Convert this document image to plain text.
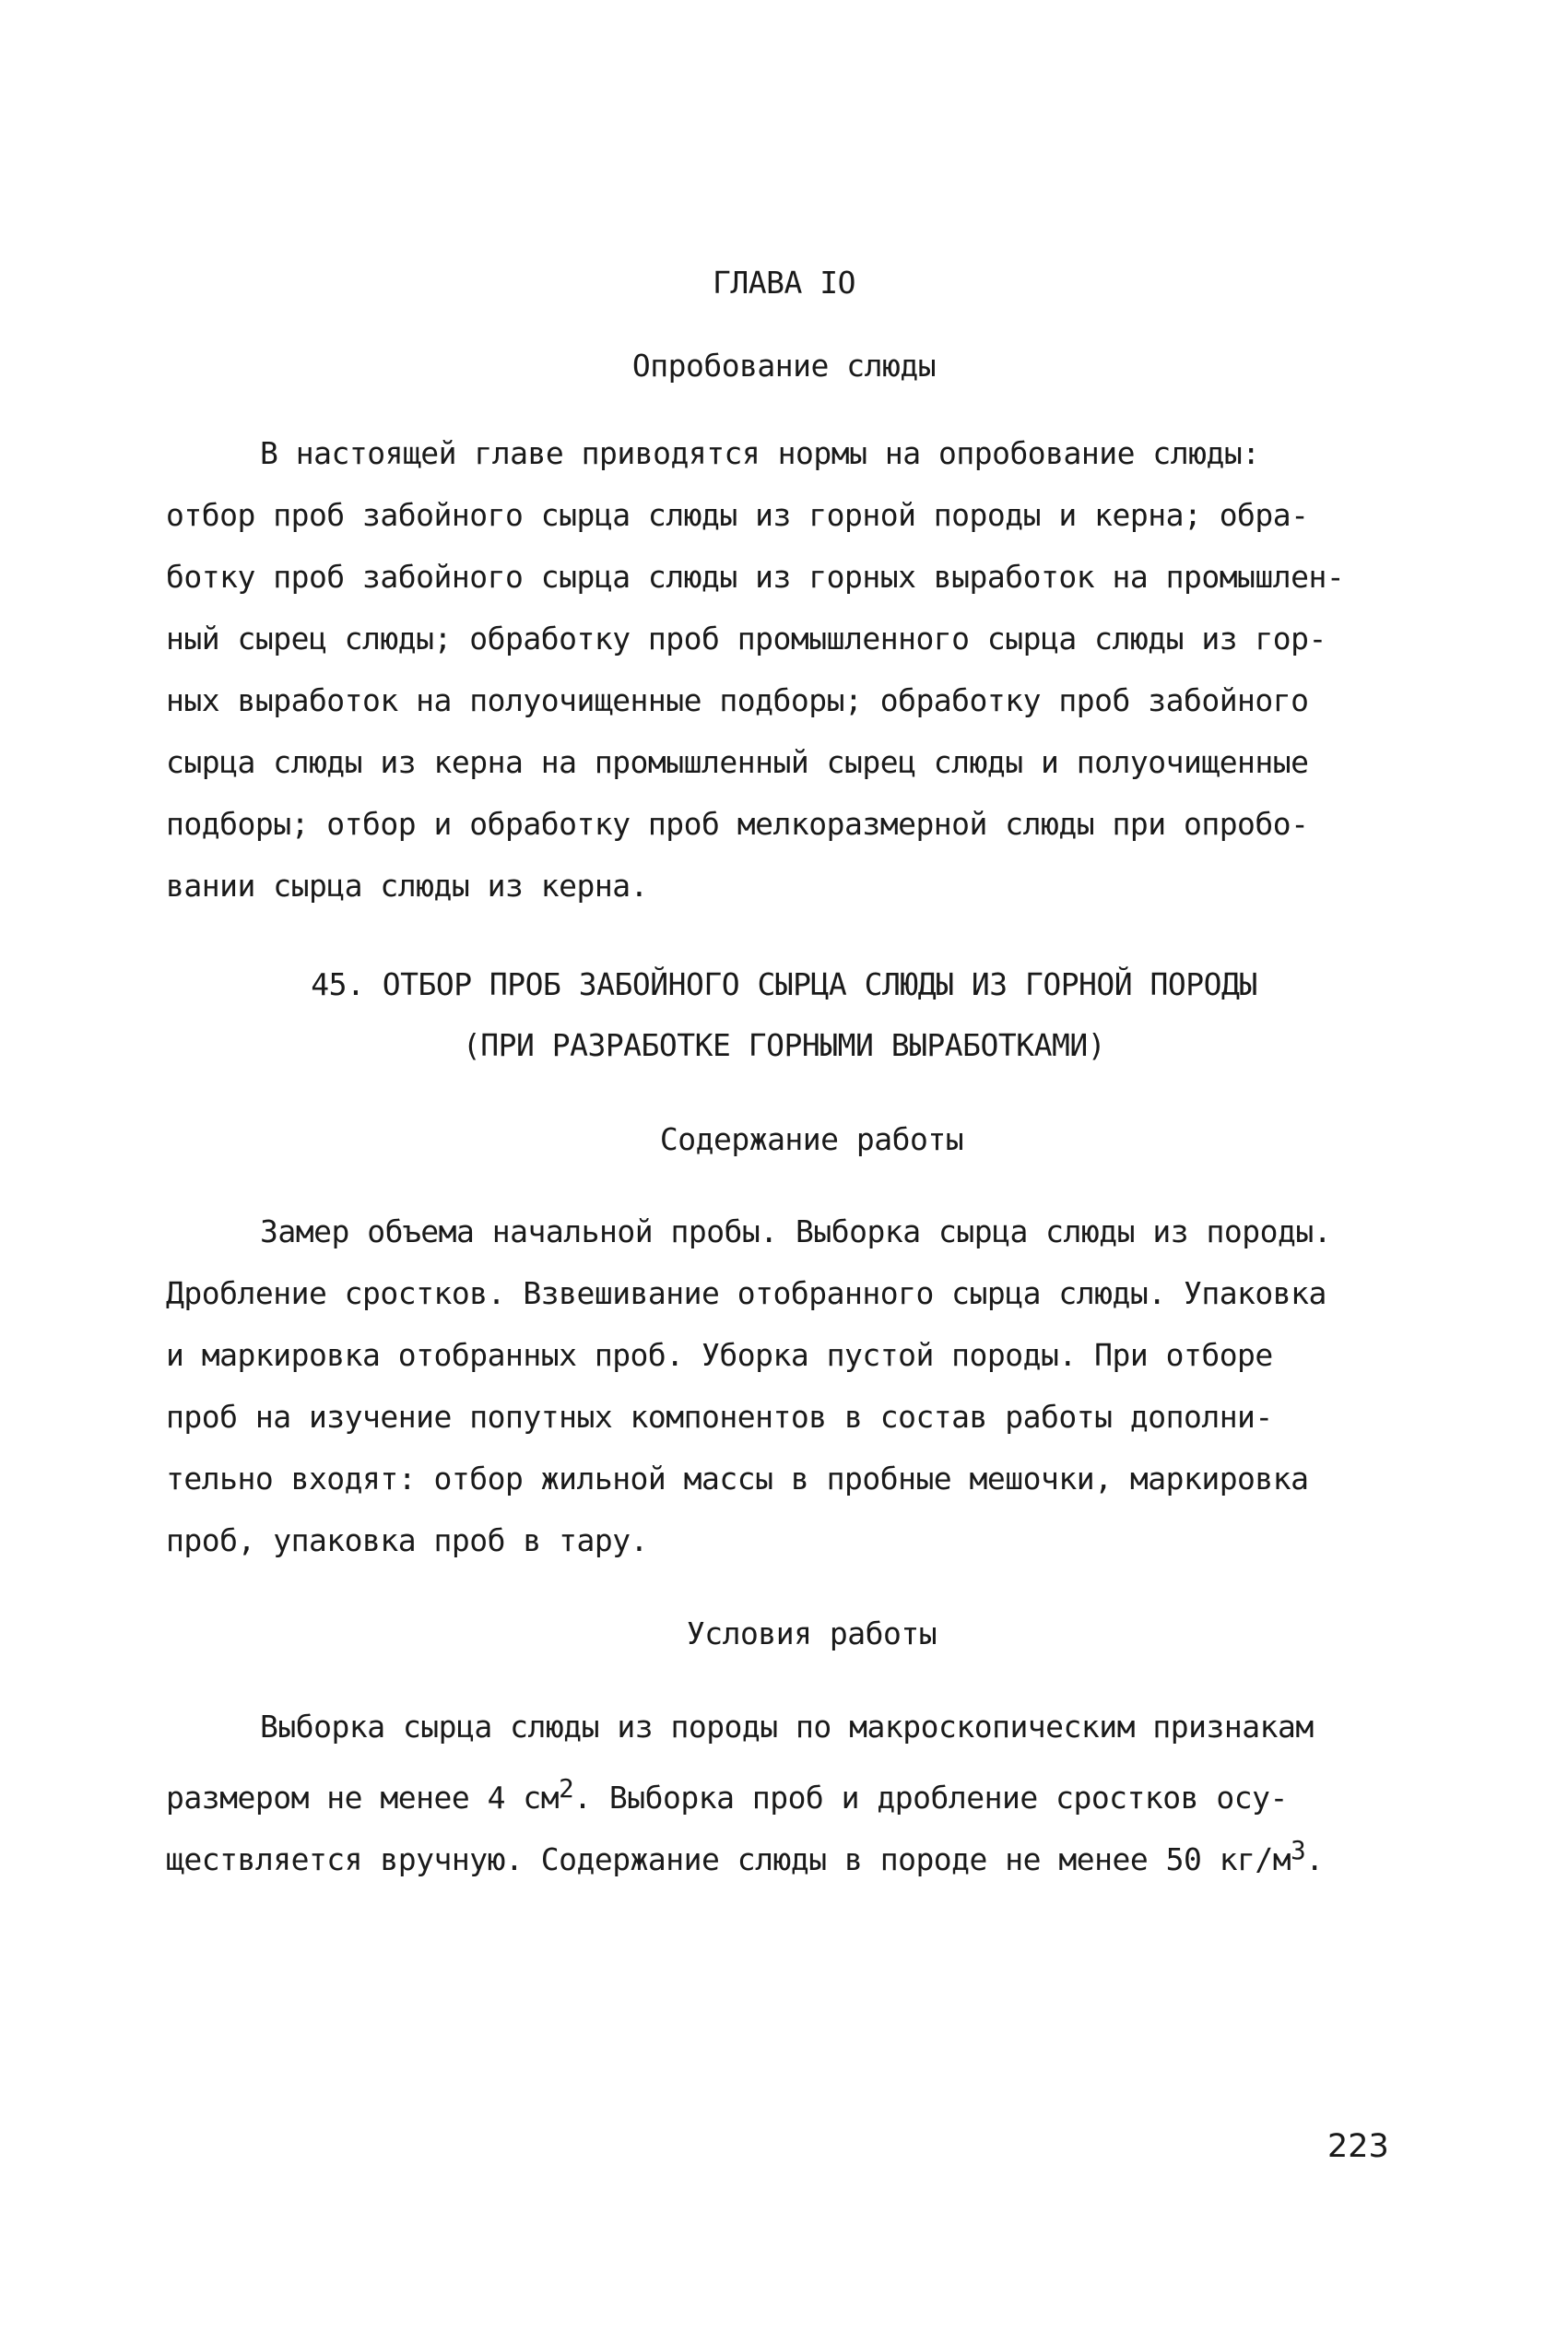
ГЛАВА IO
Опробование слюды
В настоящей главе приводятся нормы на опробование слюды:
отбор проб забойного сырца слюды из горной породы и керна; обра-
ботку проб забойного сырца слюды из горных выработок на промышлен-
ный сырец слюды; обработку проб промышленного сырца слюды из гор-
ных выработок на полуочищенные подборы; обработку проб забойного
сырца слюды из керна на промышленный сырец слюды и полуочищенные
подборы; отбор и обработку проб мелкоразмерной слюды при опробо-
вании сырца слюды из керна.
45. ОТБОР ПРОБ ЗАБОЙНОГО СЫРЦА СЛЮДЫ ИЗ ГОРНОЙ ПОРОДЫ
(ПРИ РАЗРАБОТКЕ ГОРНЫМИ ВЫРАБОТКАМИ)
Содержание работы
Замер объема начальной пробы. Выборка сырца слюды из породы.
Дробление сростков. Взвешивание отобранного сырца слюды. Упаковка
и маркировка отобранных проб. Уборка пустой породы. При отборе
проб на изучение попутных компонентов в состав работы дополни-
тельно входят: отбор жильной массы в пробные мешочки, маркировка
проб, упаковка проб в тару.
Условия работы
Выборка сырца слюды из породы по макроскопическим признакам
размером не менее 4 $см^2$. Выборка проб и дробление сростков осу-
ществляется вручную. Содержание слюды в породе не менее 50 $кг/м^3$.
223
